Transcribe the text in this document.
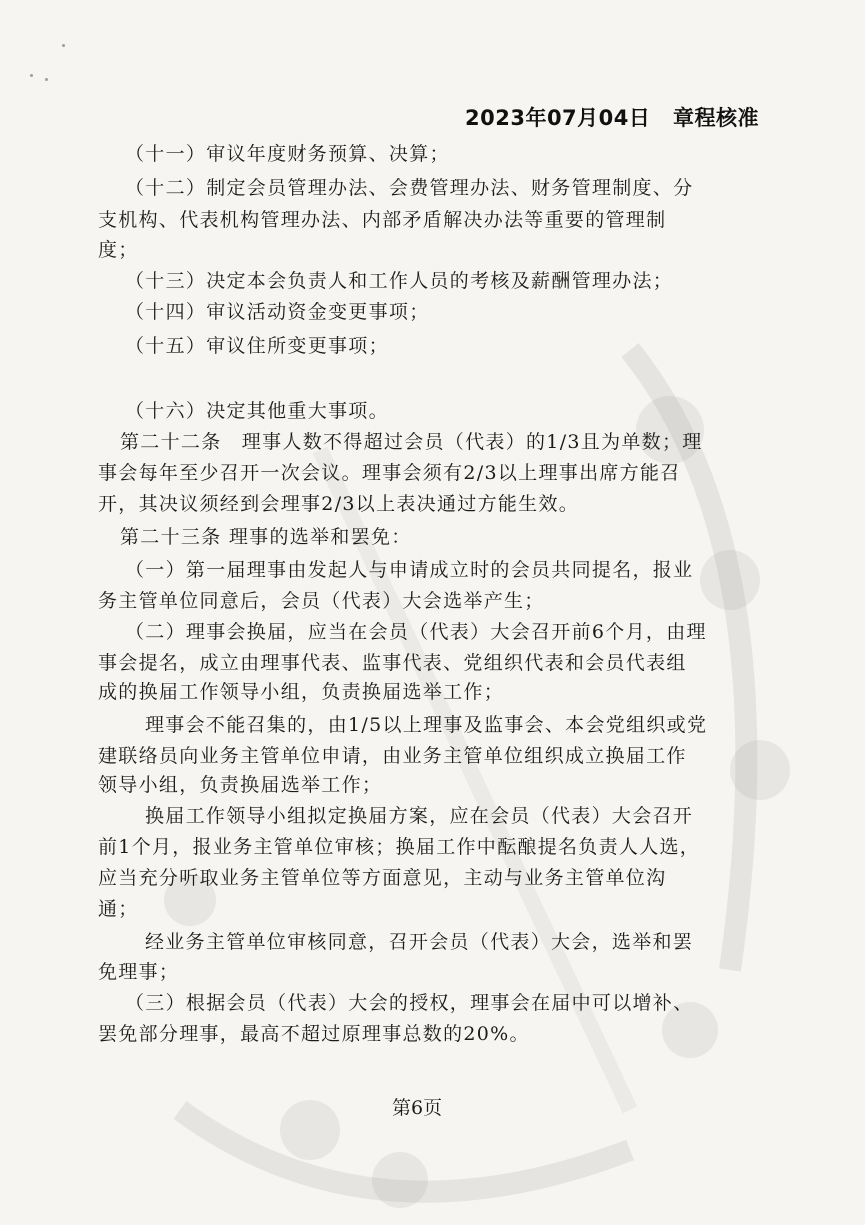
2023年07月04日 章程核准
（十一）审议年度财务预算、决算；
（十二）制定会员管理办法、会费管理办法、财务管理制度、分
支机构、代表机构管理办法、内部矛盾解决办法等重要的管理制
度；
（十三）决定本会负责人和工作人员的考核及薪酬管理办法；
（十四）审议活动资金变更事项；
（十五）审议住所变更事项；
（十六）决定其他重大事项。
第二十二条　理事人数不得超过会员（代表）的1/3且为单数；理
事会每年至少召开一次会议。理事会须有2/3以上理事出席方能召
开，其决议须经到会理事2/3以上表决通过方能生效。
第二十三条 理事的选举和罢免：
（一）第一届理事由发起人与申请成立时的会员共同提名，报业
务主管单位同意后，会员（代表）大会选举产生；
（二）理事会换届，应当在会员（代表）大会召开前6个月，由理
事会提名，成立由理事代表、监事代表、党组织代表和会员代表组
成的换届工作领导小组，负责换届选举工作；
理事会不能召集的，由1/5以上理事及监事会、本会党组织或党
建联络员向业务主管单位申请，由业务主管单位组织成立换届工作
领导小组，负责换届选举工作；
换届工作领导小组拟定换届方案，应在会员（代表）大会召开
前1个月，报业务主管单位审核；换届工作中酝酿提名负责人人选，
应当充分听取业务主管单位等方面意见，主动与业务主管单位沟
通；
经业务主管单位审核同意，召开会员（代表）大会，选举和罢
免理事；
（三）根据会员（代表）大会的授权，理事会在届中可以增补、
罢免部分理事，最高不超过原理事总数的20%。
第6页
